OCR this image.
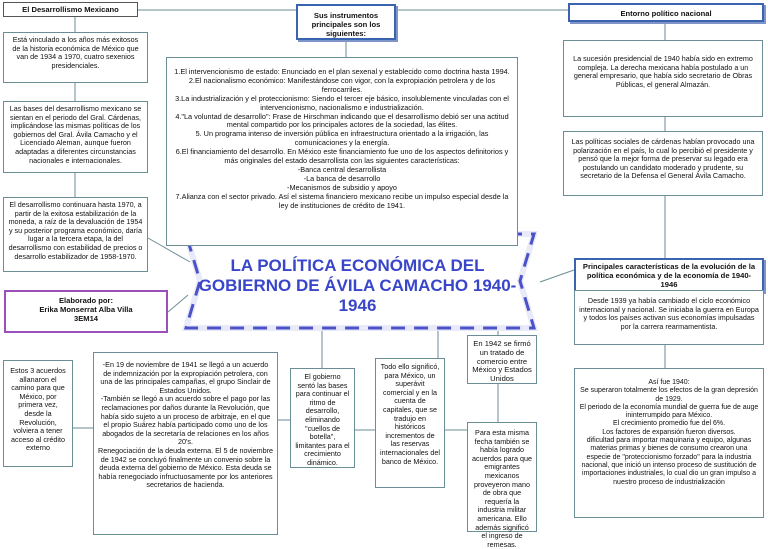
LA POLÍTICA ECONÓMICA DEL GOBIERNO DE ÁVILA CAMACHO 1940-1946
El Desarrollismo Mexicano
Está vinculado a los años más exitosos de la historia económica de México que van de 1934 a 1970, cuatro sexenios presidenciales.
Las bases del desarrollismo mexicano se sientan en el periodo del Gral. Cárdenas, implicándose las mismas políticas de los gobiernos del Gral. Ávila Camacho y el Licenciado Aleman, aunque fueron adaptadas a diferentes circunstancias nacionales e internacionales.
El desarrollismo continuara hasta 1970, a partir de la exitosa estabilización de la moneda, a raíz de la devaluación de 1954 y su posterior programa económico, daría lugar a la tercera etapa, la del desarrollismo con estabilidad de precios o desarrollo estabilizador de 1958-1970.
Elaborado por:
Erika Monserrat Alba Villa
3EM14
Sus instrumentos principales son los siguientes:
1.El intervencionismo de estado: Enunciado en el plan sexenal y establecido como doctrina hasta 1994.
2.El nacionalismo económico: Manifestándose con vigor, con la expropiación petrolera y de los ferrocarriles.
3.La industrialización y el proteccionismo: Siendo el tercer eje básico, insolublemente vinculadas con el intervencionismo, nacionalismo e industrialización.
4."La voluntad de desarrollo": Frase de Hirschman indicando que el desarrollismo debió ser una actitud mental compartido por los principales actores de la sociedad, las élites.
5. Un programa intenso de inversión pública en infraestructura orientado a la irrigación, las comunicaciones y la energía.
6.El financiamiento del desarrollo. En México este financiamiento fue uno de los aspectos definitorios y más originales del estado desarrollista con las siguientes características:
-Banca central desarrollista
-La banca de desarrollo
-Mecanismos de subsidio y apoyo
7.Alianza con el sector privado. Así el sistema financiero mexicano recibe un impulso especial desde la ley de instituciones de crédito de 1941.
Entorno político nacional
La sucesión presidencial de 1940 había sido en extremo compleja. La derecha mexicana había postulado a un general empresario, que había sido secretario de Obras Públicas, el general Almazán.
Las políticas sociales de cárdenas habían provocado una polarización en el país, lo cual lo percibió el presidente y pensó que la mejor forma de preservar su legado era postulando un candidato moderado y prudente, su secretario de la Defensa el General Ávila Camacho.
Principales características de la evolución de la política económica y de la economía de 1940-1946
Desde 1939 ya había cambiado el ciclo económico internacional y nacional. Se iniciaba la guerra en Europa y todos los países activan sus economías impulsadas por la carrera rearmamentista.
Así fue 1940:
Se superaron totalmente los efectos de la gran depresión de 1929.
El periodo de la economía mundial de guerra fue de auge ininterrumpido para México.
El crecimiento promedio fue del 6%.
Los factores de expansión fueron diversos.
dificultad para importar maquinaria y equipo, algunas materias primas y bienes de consumo crearon una especie de "proteccionismo forzado" para la industria nacional, que inició un intenso proceso de sustitución de importaciones industriales, lo cual dio un gran impulso a nuestro proceso de industrialización
Estos 3 acuerdos allanaron el camino para que México, por primera vez, desde la Revolución, volviera a tener acceso al crédito externo
-En 19 de noviembre de 1941 se llegó a un acuerdo de indemnización por la expropiación petrolera, con una de las principales campañas, el grupo Sinclair de Estados Unidos.
-También se llegó a un acuerdo sobre el pago por las reclamaciones por daños durante la Revolución, que había sido sujeto a un proceso de arbitraje, en el que el propio Suárez había participado como uno de los abogados de la secretaría de relaciones en los años 20's.
Renegociación de la deuda externa. El 5 de noviembre de 1942 se concluyó finalmente un convenio sobre la deuda externa del gobierno de México. Esta deuda se había renegociado infructuosamente por los anteriores secretarios de hacienda.
El gobierno sentó las bases para continuar el ritmo de desarrollo, eliminando "cuellos de botella", limitantes para el crecimiento dinámico.
Todo ello significó, para México, un superávit comercial y en la cuenta de capitales, que se tradujo en históricos incrementos de las reservas internacionales del banco de México.
En 1942 se firmó un tratado de comercio entre México y Estados Unidos
Para esta misma fecha también se había logrado acuerdos para que emigrantes mexicanos proveyeron mano de obra que requería la industria militar americana. Ello además significó el ingreso de remesas.
